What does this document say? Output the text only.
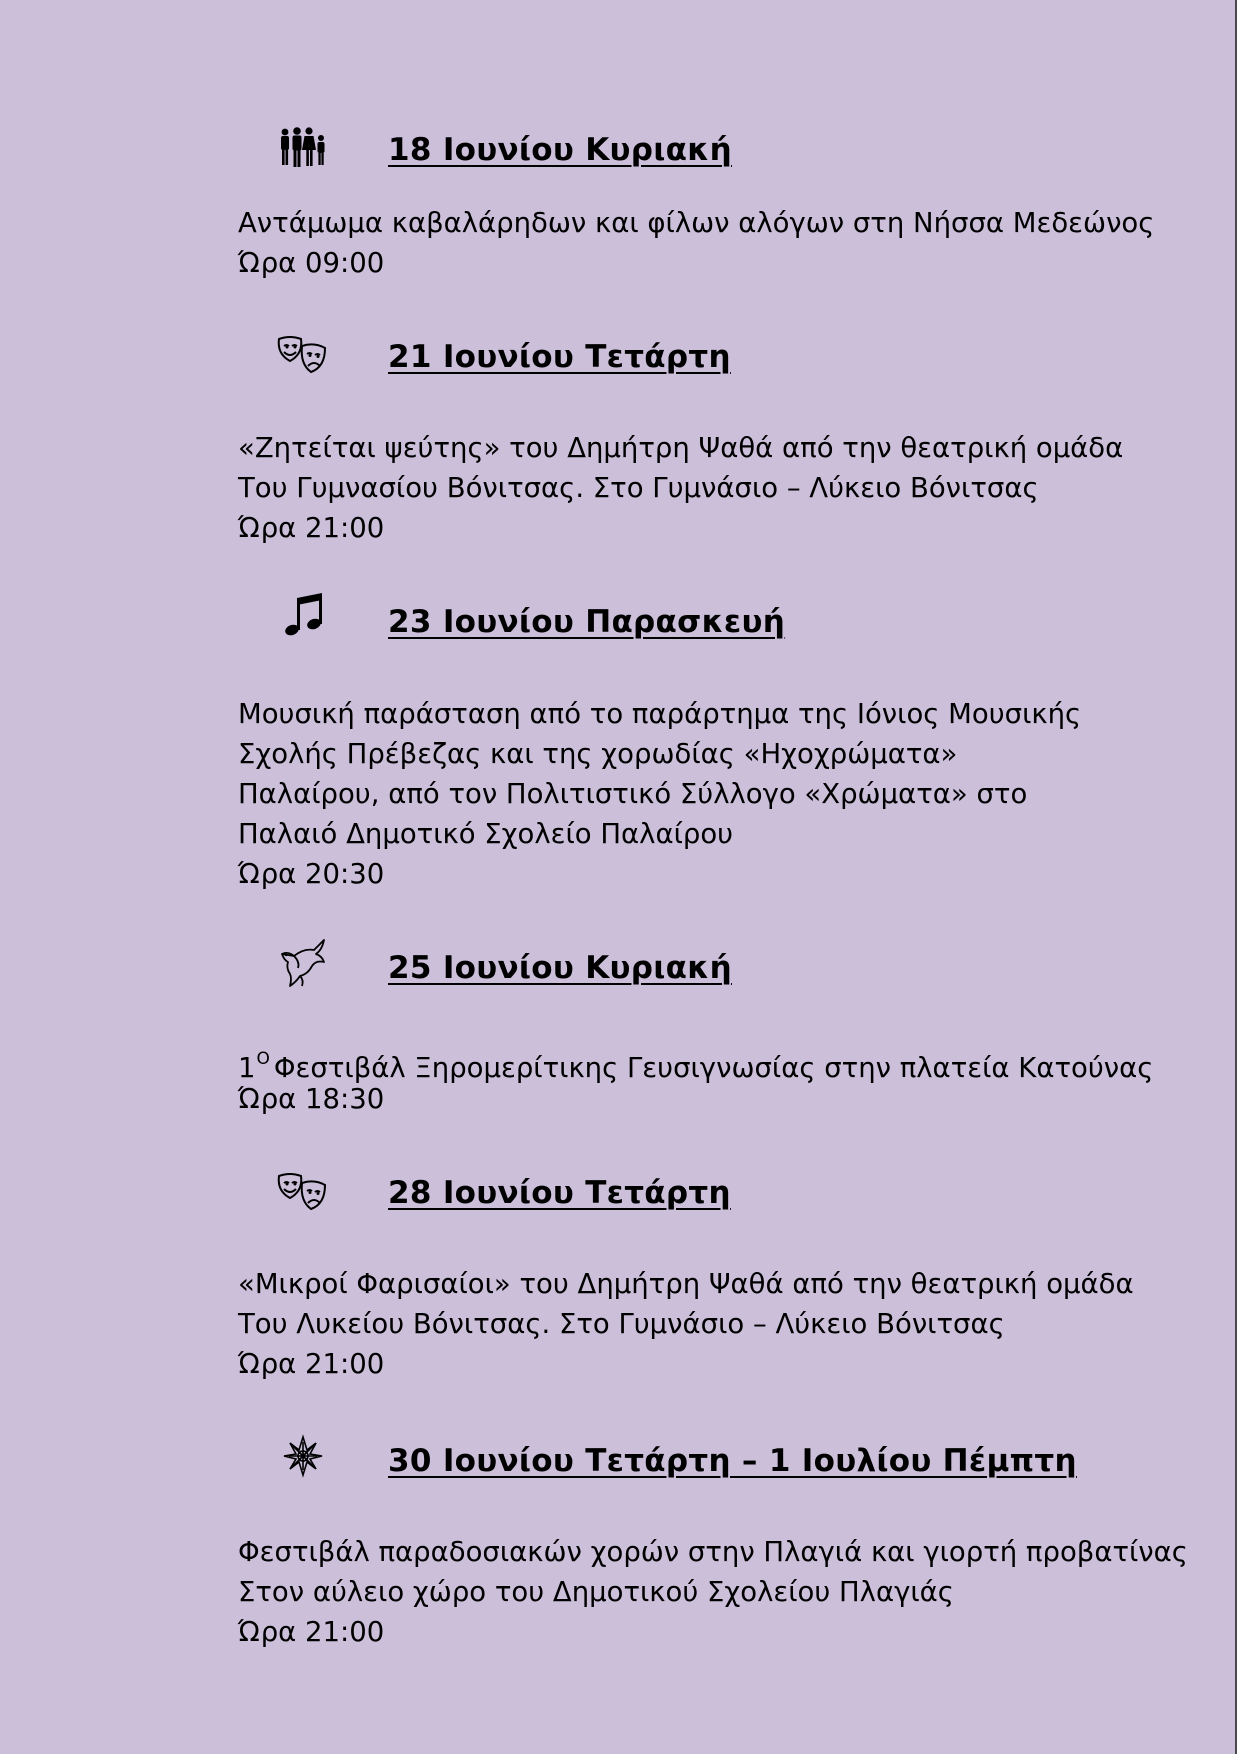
18 Ιουνίου Κυριακή
Αντάμωμα καβαλάρηδων και φίλων αλόγων στη Νήσσα Μεδεώνος
Ώρα 09:00
21 Ιουνίου Τετάρτη
«Ζητείται ψεύτης» του Δημήτρη Ψαθά από την θεατρική ομάδα
Του Γυμνασίου Βόνιτσας. Στο Γυμνάσιο – Λύκειο Βόνιτσας
Ώρα 21:00
23 Ιουνίου Παρασκευή
Μουσική παράσταση από το παράρτημα της Ιόνιος Μουσικής
Σχολής Πρέβεζας και της χορωδίας «Ηχοχρώματα»
Παλαίρου, από τον Πολιτιστικό Σύλλογο «Χρώματα» στο
Παλαιό Δημοτικό Σχολείο Παλαίρου
Ώρα 20:30
25 Ιουνίου Κυριακή
$1^O$ Φεστιβάλ Ξηρομερίτικης Γευσιγνωσίας στην πλατεία Κατούνας
Ώρα 18:30
28 Ιουνίου Τετάρτη
«Μικροί Φαρισαίοι» του Δημήτρη Ψαθά από την θεατρική ομάδα
Του Λυκείου Βόνιτσας. Στο Γυμνάσιο – Λύκειο Βόνιτσας
Ώρα 21:00
30 Ιουνίου Τετάρτη – 1 Ιουλίου Πέμπτη
Φεστιβάλ παραδοσιακών χορών στην Πλαγιά και γιορτή προβατίνας
Στον αύλειο χώρο του Δημοτικού Σχολείου Πλαγιάς
Ώρα 21:00
